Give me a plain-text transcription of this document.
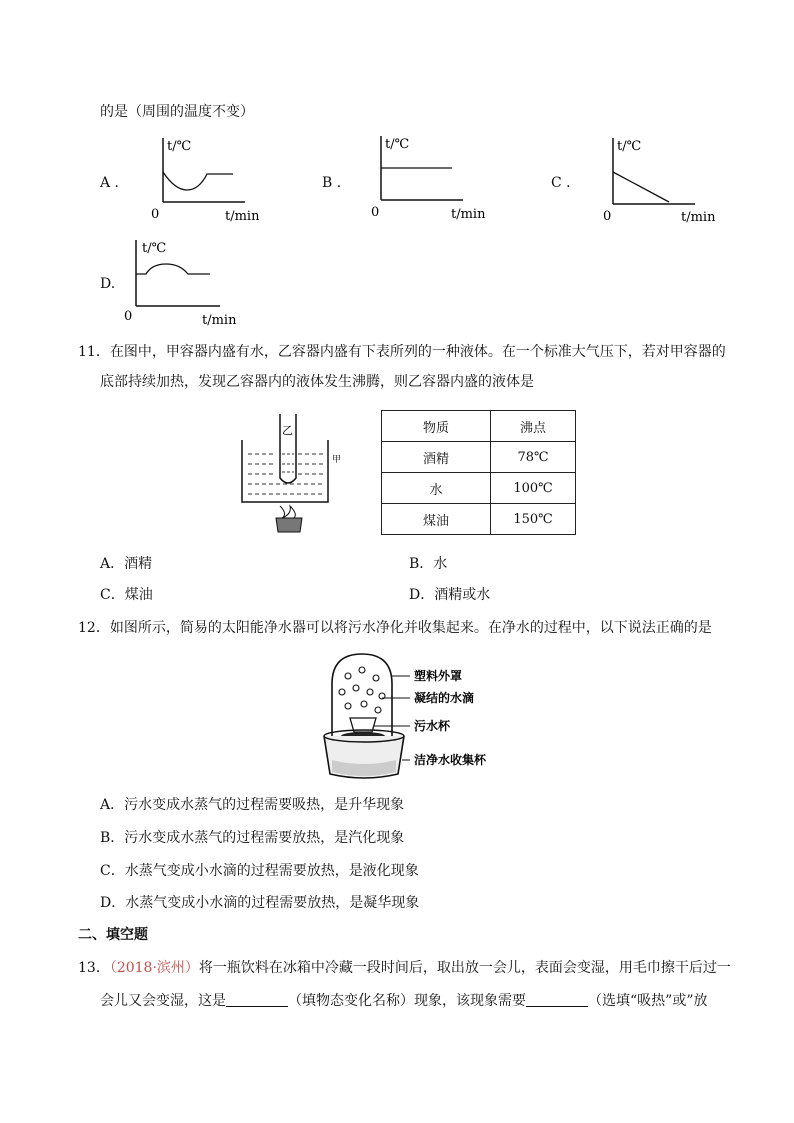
的是（周围的温度不变）
A ．
t/℃
0	t/min
B ．
t/℃
0	t/min
C ．
t/℃
0	t/min
D.
t/℃
0	t/min
11．在图中，甲容器内盛有水，乙容器内盛有下表所列的一种液体。在一个标准大气压下，若对甲容器的
底部持续加热，发现乙容器内的液体发生沸腾，则乙容器内盛的液体是
乙
甲
物质	沸点
酒精	78℃
水	100℃
煤油	150℃
A．酒精	B．水
C．煤油	D．酒精或水
12．如图所示，简易的太阳能净水器可以将污水净化并收集起来。在净水的过程中，以下说法正确的是
塑料外罩
凝结的水滴
污水杯
洁净水收集杯
A．污水变成水蒸气的过程需要吸热，是升华现象
B．污水变成水蒸气的过程需要放热，是汽化现象
C．水蒸气变成小水滴的过程需要放热，是液化现象
D．水蒸气变成小水滴的过程需要放热，是凝华现象
二、填空题
13．（2018·滨州）将一瓶饮料在冰箱中冷藏一段时间后，取出放一会儿，表面会变湿，用毛巾擦干后过一
会儿又会变湿，这是	（填物态变化名称）现象，该现象需要	（选填“吸热”或”放
